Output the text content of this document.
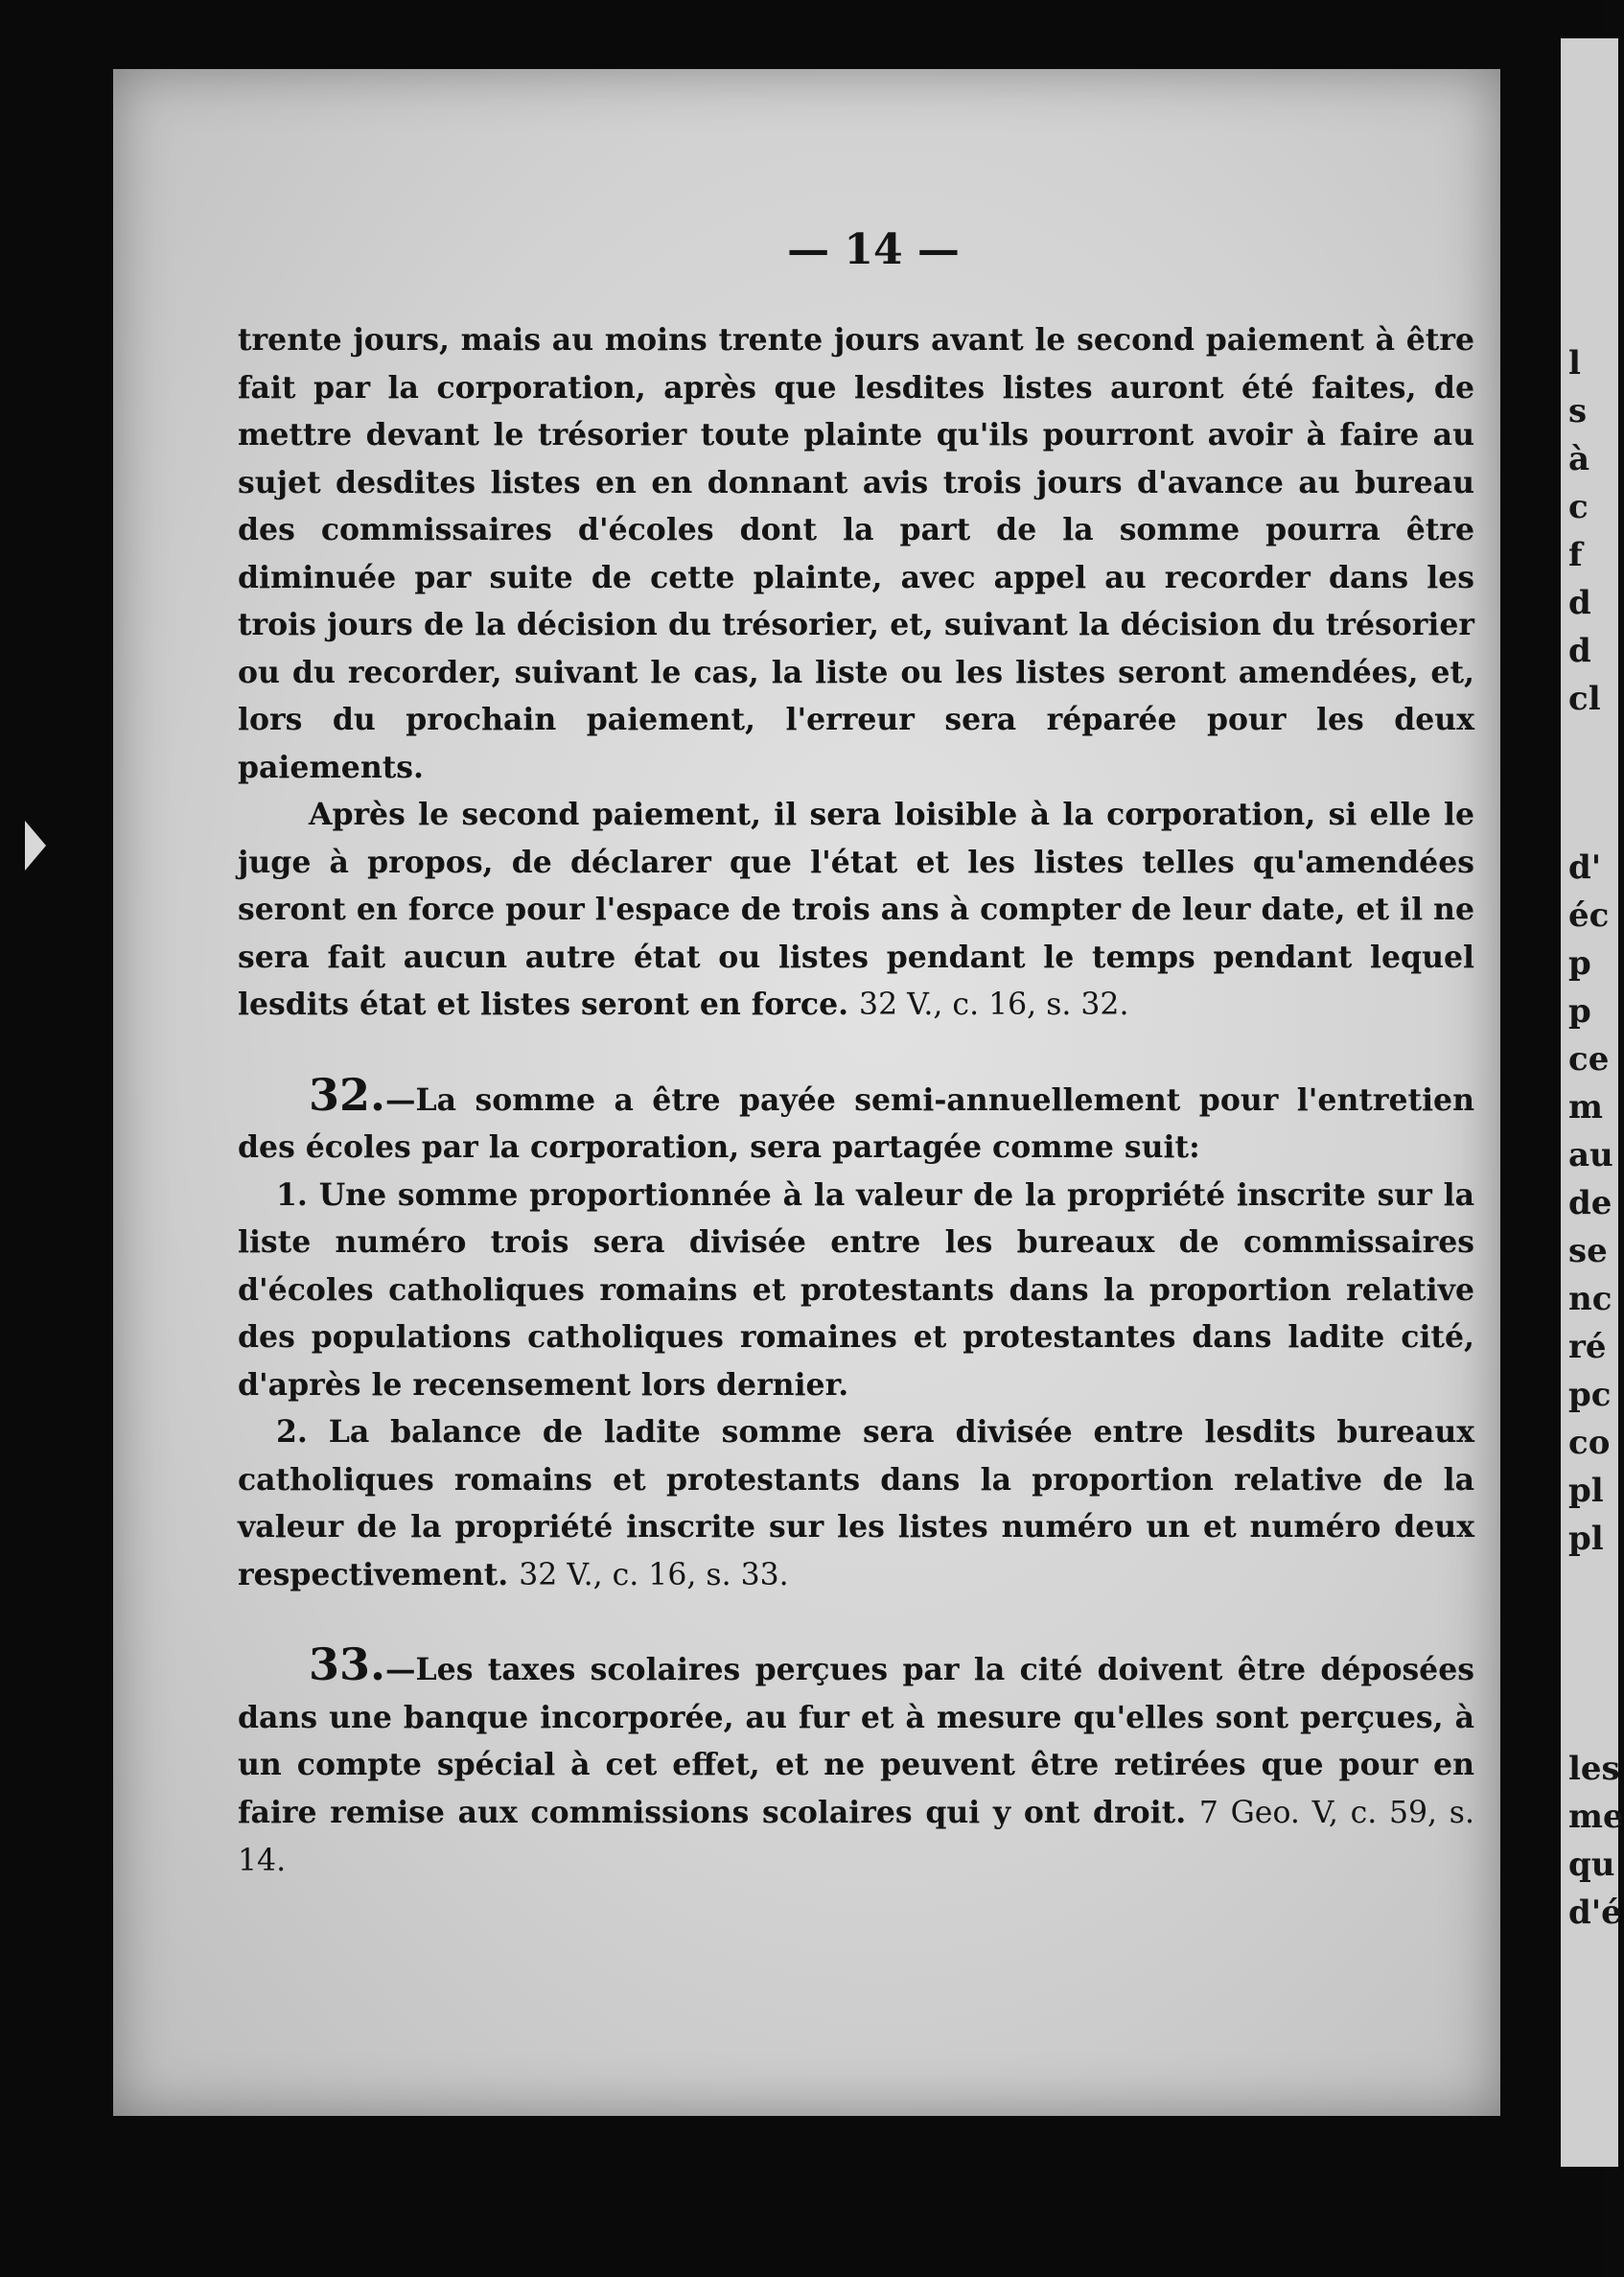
l
s
à
c
f
d
d
cl
d'
éc
p
p
ce
m
au
de
se
nc
ré
pc
co
pl
pl
les
me
qu
d'é
— 14 —

trente jours, mais au moins trente jours avant le second paiement à être fait par la corporation, après que lesdites listes auront été faites, de mettre devant le trésorier toute plainte qu'ils pourront avoir à faire au sujet desdites listes en en donnant avis trois jours d'avance au bureau des commissaires d'écoles dont la part de la somme pourra être diminuée par suite de cette plainte, avec appel au recorder dans les trois jours de la décision du trésorier, et, suivant la décision du trésorier ou du recorder, suivant le cas, la liste ou les listes seront amendées, et, lors du prochain paiement, l'erreur sera réparée pour les deux paiements.

Après le second paiement, il sera loisible à la corporation, si elle le juge à propos, de déclarer que l'état et les listes telles qu'amendées seront en force pour l'espace de trois ans à compter de leur date, et il ne sera fait aucun autre état ou listes pendant le temps pendant lequel lesdits état et listes seront en force. 32 V., c. 16, s. 32.

32.—La somme a être payée semi-annuellement pour l'entretien des écoles par la corporation, sera partagée comme suit:

1. Une somme proportionnée à la valeur de la propriété inscrite sur la liste numéro trois sera divisée entre les bureaux de commissaires d'écoles catholiques romains et protestants dans la proportion relative des populations catholiques romaines et protestantes dans ladite cité, d'après le recensement lors dernier.

2. La balance de ladite somme sera divisée entre lesdits bureaux catholiques romains et protestants dans la proportion relative de la valeur de la propriété inscrite sur les listes numéro un et numéro deux respectivement. 32 V., c. 16, s. 33.

33.—Les taxes scolaires perçues par la cité doivent être déposées dans une banque incorporée, au fur et à mesure qu'elles sont perçues, à un compte spécial à cet effet, et ne peuvent être retirées que pour en faire remise aux commissions scolaires qui y ont droit. 7 Geo. V, c. 59, s. 14.
